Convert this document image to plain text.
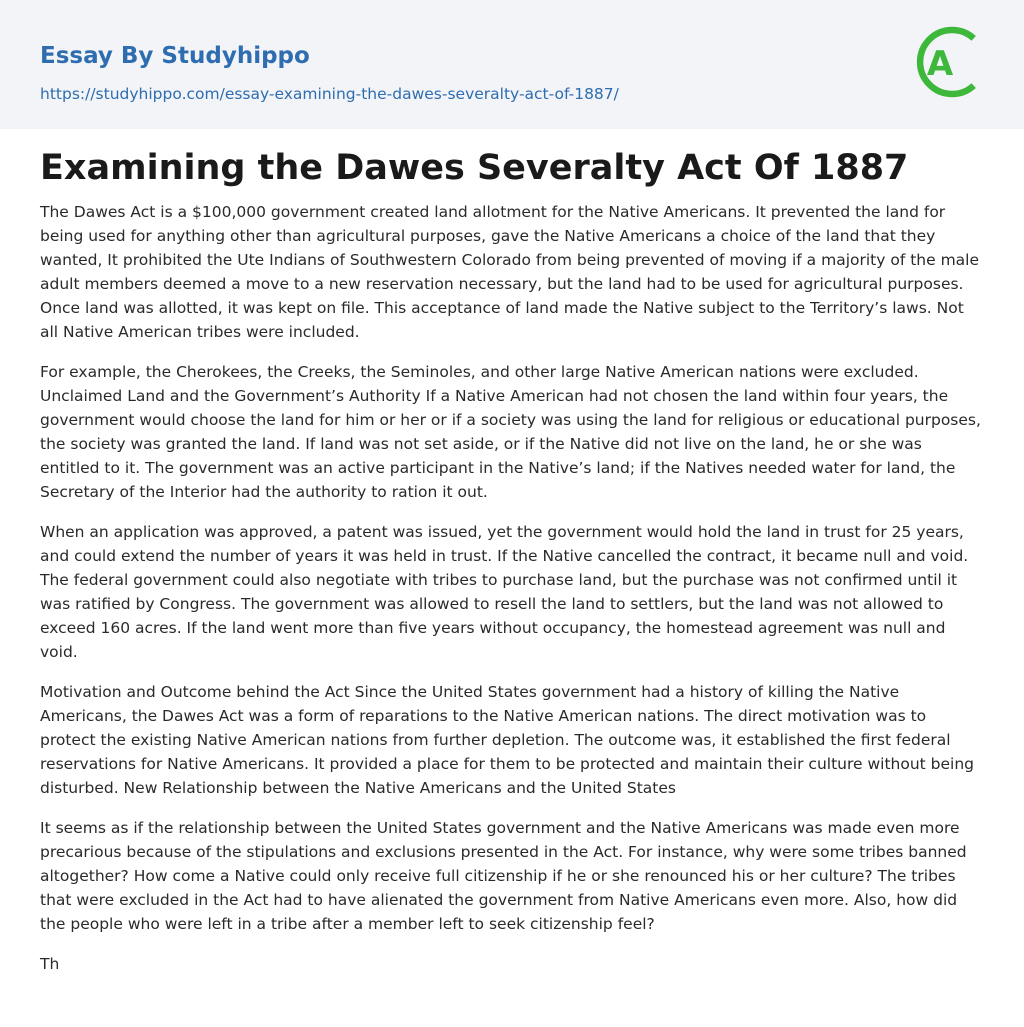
Essay By Studyhippo
https://studyhippo.com/essay-examining-the-dawes-severalty-act-of-1887/
A
Examining the Dawes Severalty Act Of 1887

The Dawes Act is a $100,000 government created land allotment for the Native Americans. It prevented the land for being used for anything other than agricultural purposes, gave the Native Americans a choice of the land that they wanted, It prohibited the Ute Indians of Southwestern Colorado from being prevented of moving if a majority of the male adult members deemed a move to a new reservation necessary, but the land had to be used for agricultural purposes. Once land was allotted, it was kept on file. This acceptance of land made the Native subject to the Territory’s laws. Not all Native American tribes were included.

For example, the Cherokees, the Creeks, the Seminoles, and other large Native American nations were excluded. Unclaimed Land and the Government’s Authority If a Native American had not chosen the land within four years, the government would choose the land for him or her or if a society was using the land for religious or educational purposes, the society was granted the land. If land was not set aside, or if the Native did not live on the land, he or she was entitled to it. The government was an active participant in the Native’s land; if the Natives needed water for land, the Secretary of the Interior had the authority to ration it out.

When an application was approved, a patent was issued, yet the government would hold the land in trust for 25 years, and could extend the number of years it was held in trust. If the Native cancelled the contract, it became null and void. The federal government could also negotiate with tribes to purchase land, but the purchase was not confirmed until it was ratified by Congress. The government was allowed to resell the land to settlers, but the land was not allowed to exceed 160 acres. If the land went more than five years without occupancy, the homestead agreement was null and void.

Motivation and Outcome behind the Act Since the United States government had a history of killing the Native Americans, the Dawes Act was a form of reparations to the Native American nations. The direct motivation was to protect the existing Native American nations from further depletion. The outcome was, it established the first federal reservations for Native Americans. It provided a place for them to be protected and maintain their culture without being disturbed. New Relationship between the Native Americans and the United States

It seems as if the relationship between the United States government and the Native Americans was made even more precarious because of the stipulations and exclusions presented in the Act. For instance, why were some tribes banned altogether? How come a Native could only receive full citizenship if he or she renounced his or her culture? The tribes that were excluded in the Act had to have alienated the government from Native Americans even more. Also, how did the people who were left in a tribe after a member left to seek citizenship feel?

Th
